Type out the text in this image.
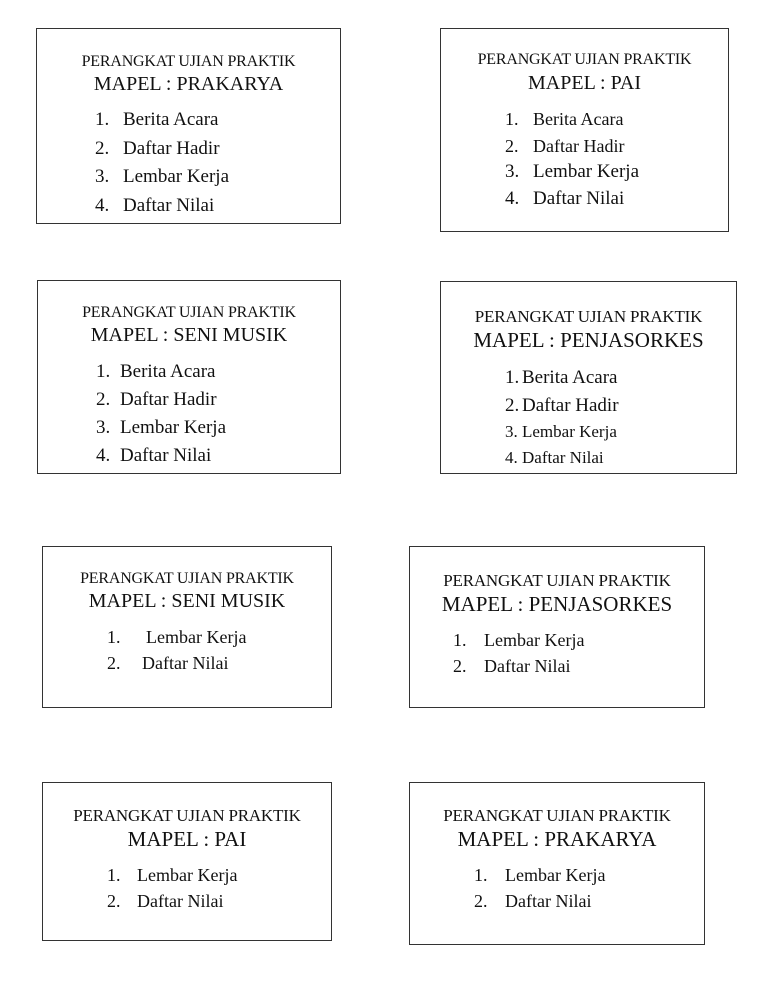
PERANGKAT UJIAN PRAKTIK
MAPEL : PRAKARYA
1. Berita Acara
2. Daftar Hadir
3. Lembar Kerja
4. Daftar Nilai
PERANGKAT UJIAN PRAKTIK
MAPEL : PAI
1. Berita Acara
2. Daftar Hadir
3. Lembar Kerja
4. Daftar Nilai
PERANGKAT UJIAN PRAKTIK
MAPEL : SENI MUSIK
1. Berita Acara
2. Daftar Hadir
3. Lembar Kerja
4. Daftar Nilai
PERANGKAT UJIAN PRAKTIK
MAPEL : PENJASORKES
1. Berita Acara
2. Daftar Hadir
3. Lembar Kerja
4. Daftar Nilai
PERANGKAT UJIAN PRAKTIK
MAPEL : SENI MUSIK
1.	Lembar Kerja
2.	Daftar Nilai
PERANGKAT UJIAN PRAKTIK
MAPEL : PENJASORKES
1. Lembar Kerja
2. Daftar Nilai
PERANGKAT UJIAN PRAKTIK
MAPEL : PAI
1. Lembar Kerja
2. Daftar Nilai
PERANGKAT UJIAN PRAKTIK
MAPEL : PRAKARYA
1. Lembar Kerja
2. Daftar Nilai
